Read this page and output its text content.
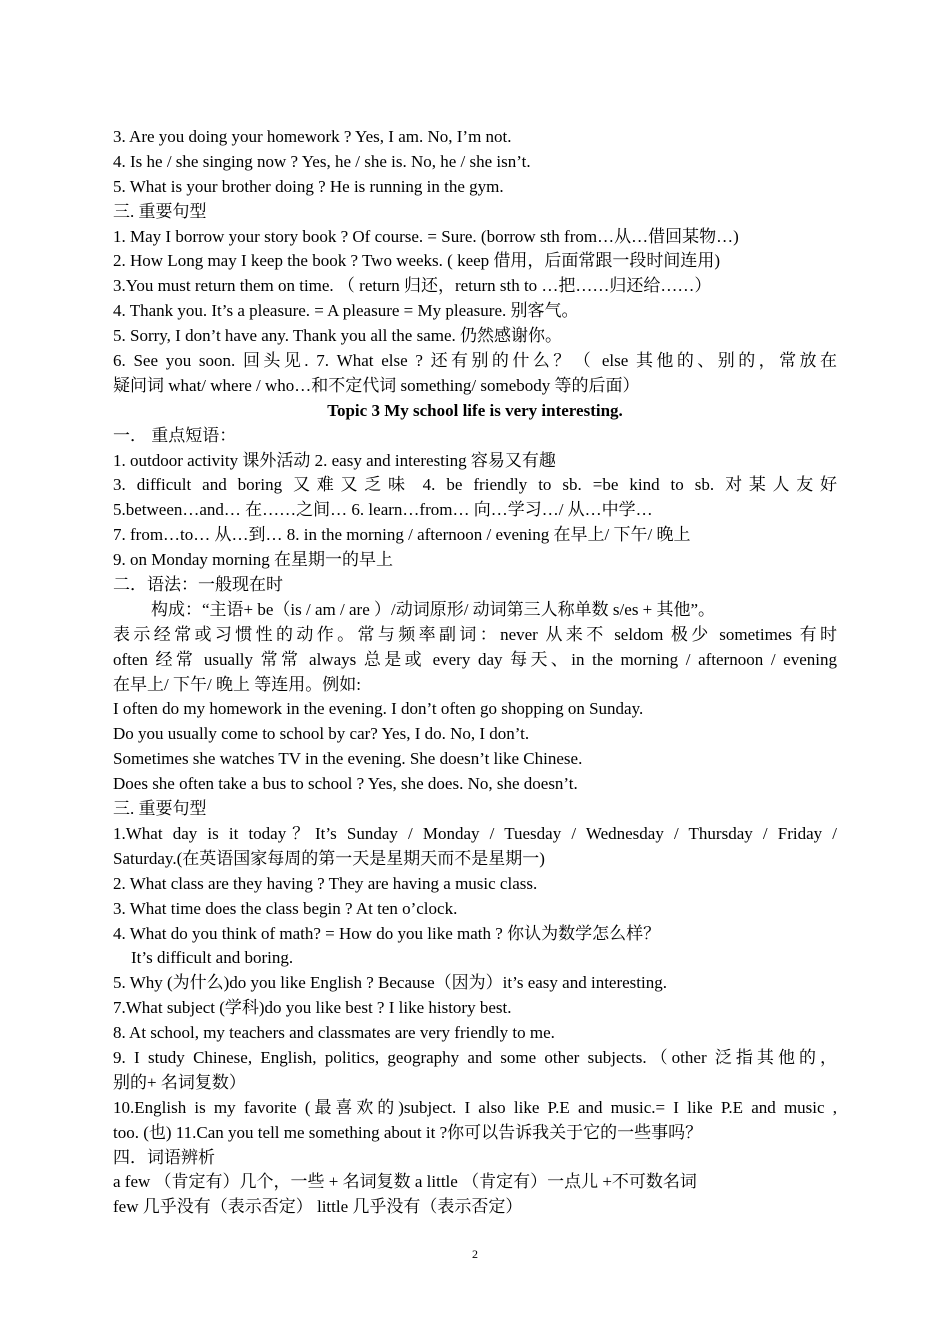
3. Are you doing your homework ? Yes, I am. No, I’m not.
4. Is he / she singing now ? Yes, he / she is. No, he / she isn’t.
5. What is your brother doing ? He is running in the gym.
三. 重要句型
1. May I borrow your story book ? Of course. = Sure. (borrow sth from…从…借回某物…)
2. How Long may I keep the book ? Two weeks. ( keep 借用，后面常跟一段时间连用)
3.You must return them on time. （ return 归还，return sth to …把……归还给……）
4. Thank you. It’s a pleasure. = A pleasure = My pleasure. 别客气。
5. Sorry, I don’t have any. Thank you all the same. 仍然感谢你。
6. See you soon. 回头见. 7. What else ? 还有别的什么？（ else 其他的、别的，常放在
疑问词 what/ where / who…和不定代词 something/ somebody 等的后面）
Topic 3 My school life is very interesting.
一． 重点短语：
1. outdoor activity 课外活动 2. easy and interesting 容易又有趣
3. difficult and boring 又难又乏味 4. be friendly to sb. =be kind to sb. 对某人友好
5.between…and… 在……之间… 6. learn…from… 向…学习…/ 从…中学…
7. from…to… 从…到… 8. in the morning / afternoon / evening 在早上/ 下午/ 晚上
9. on Monday morning 在星期一的早上
二．语法：一般现在时
构成：“主语+ be（is / am / are ）/动词原形/ 动词第三人称单数 s/es + 其他”。
表示经常或习惯性的动作。常与频率副词：never 从来不 seldom 极少 sometimes 有时
often 经常 usually 常常 always 总是或 every day 每天、in the morning / afternoon / evening
在早上/ 下午/ 晚上 等连用。例如:
I often do my homework in the evening. I don’t often go shopping on Sunday.
Do you usually come to school by car? Yes, I do. No, I don’t.
Sometimes she watches TV in the evening. She doesn’t like Chinese.
Does she often take a bus to school ? Yes, she does. No, she doesn’t.
三. 重要句型
1.What day is it today？It’s Sunday / Monday / Tuesday / Wednesday / Thursday / Friday /
Saturday.(在英语国家每周的第一天是星期天而不是星期一)
2. What class are they having ? They are having a music class.
3. What time does the class begin ? At ten o’clock.
4. What do you think of math? = How do you like math ? 你认为数学怎么样？
It’s difficult and boring.
5. Why (为什么)do you like English ? Because（因为）it’s easy and interesting.
7.What subject (学科)do you like best ? I like history best.
8. At school, my teachers and classmates are very friendly to me.
9. I study Chinese, English, politics, geography and some other subjects.（other 泛指其他的，
别的+ 名词复数）
10.English is my favorite (最喜欢的)subject. I also like P.E and music.= I like P.E and music ,
too. (也) 11.Can you tell me something about it ?你可以告诉我关于它的一些事吗？
四．词语辨析
a few （肯定有）几个，一些 + 名词复数 a little （肯定有）一点儿 +不可数名词
few 几乎没有（表示否定） little 几乎没有（表示否定）
2
